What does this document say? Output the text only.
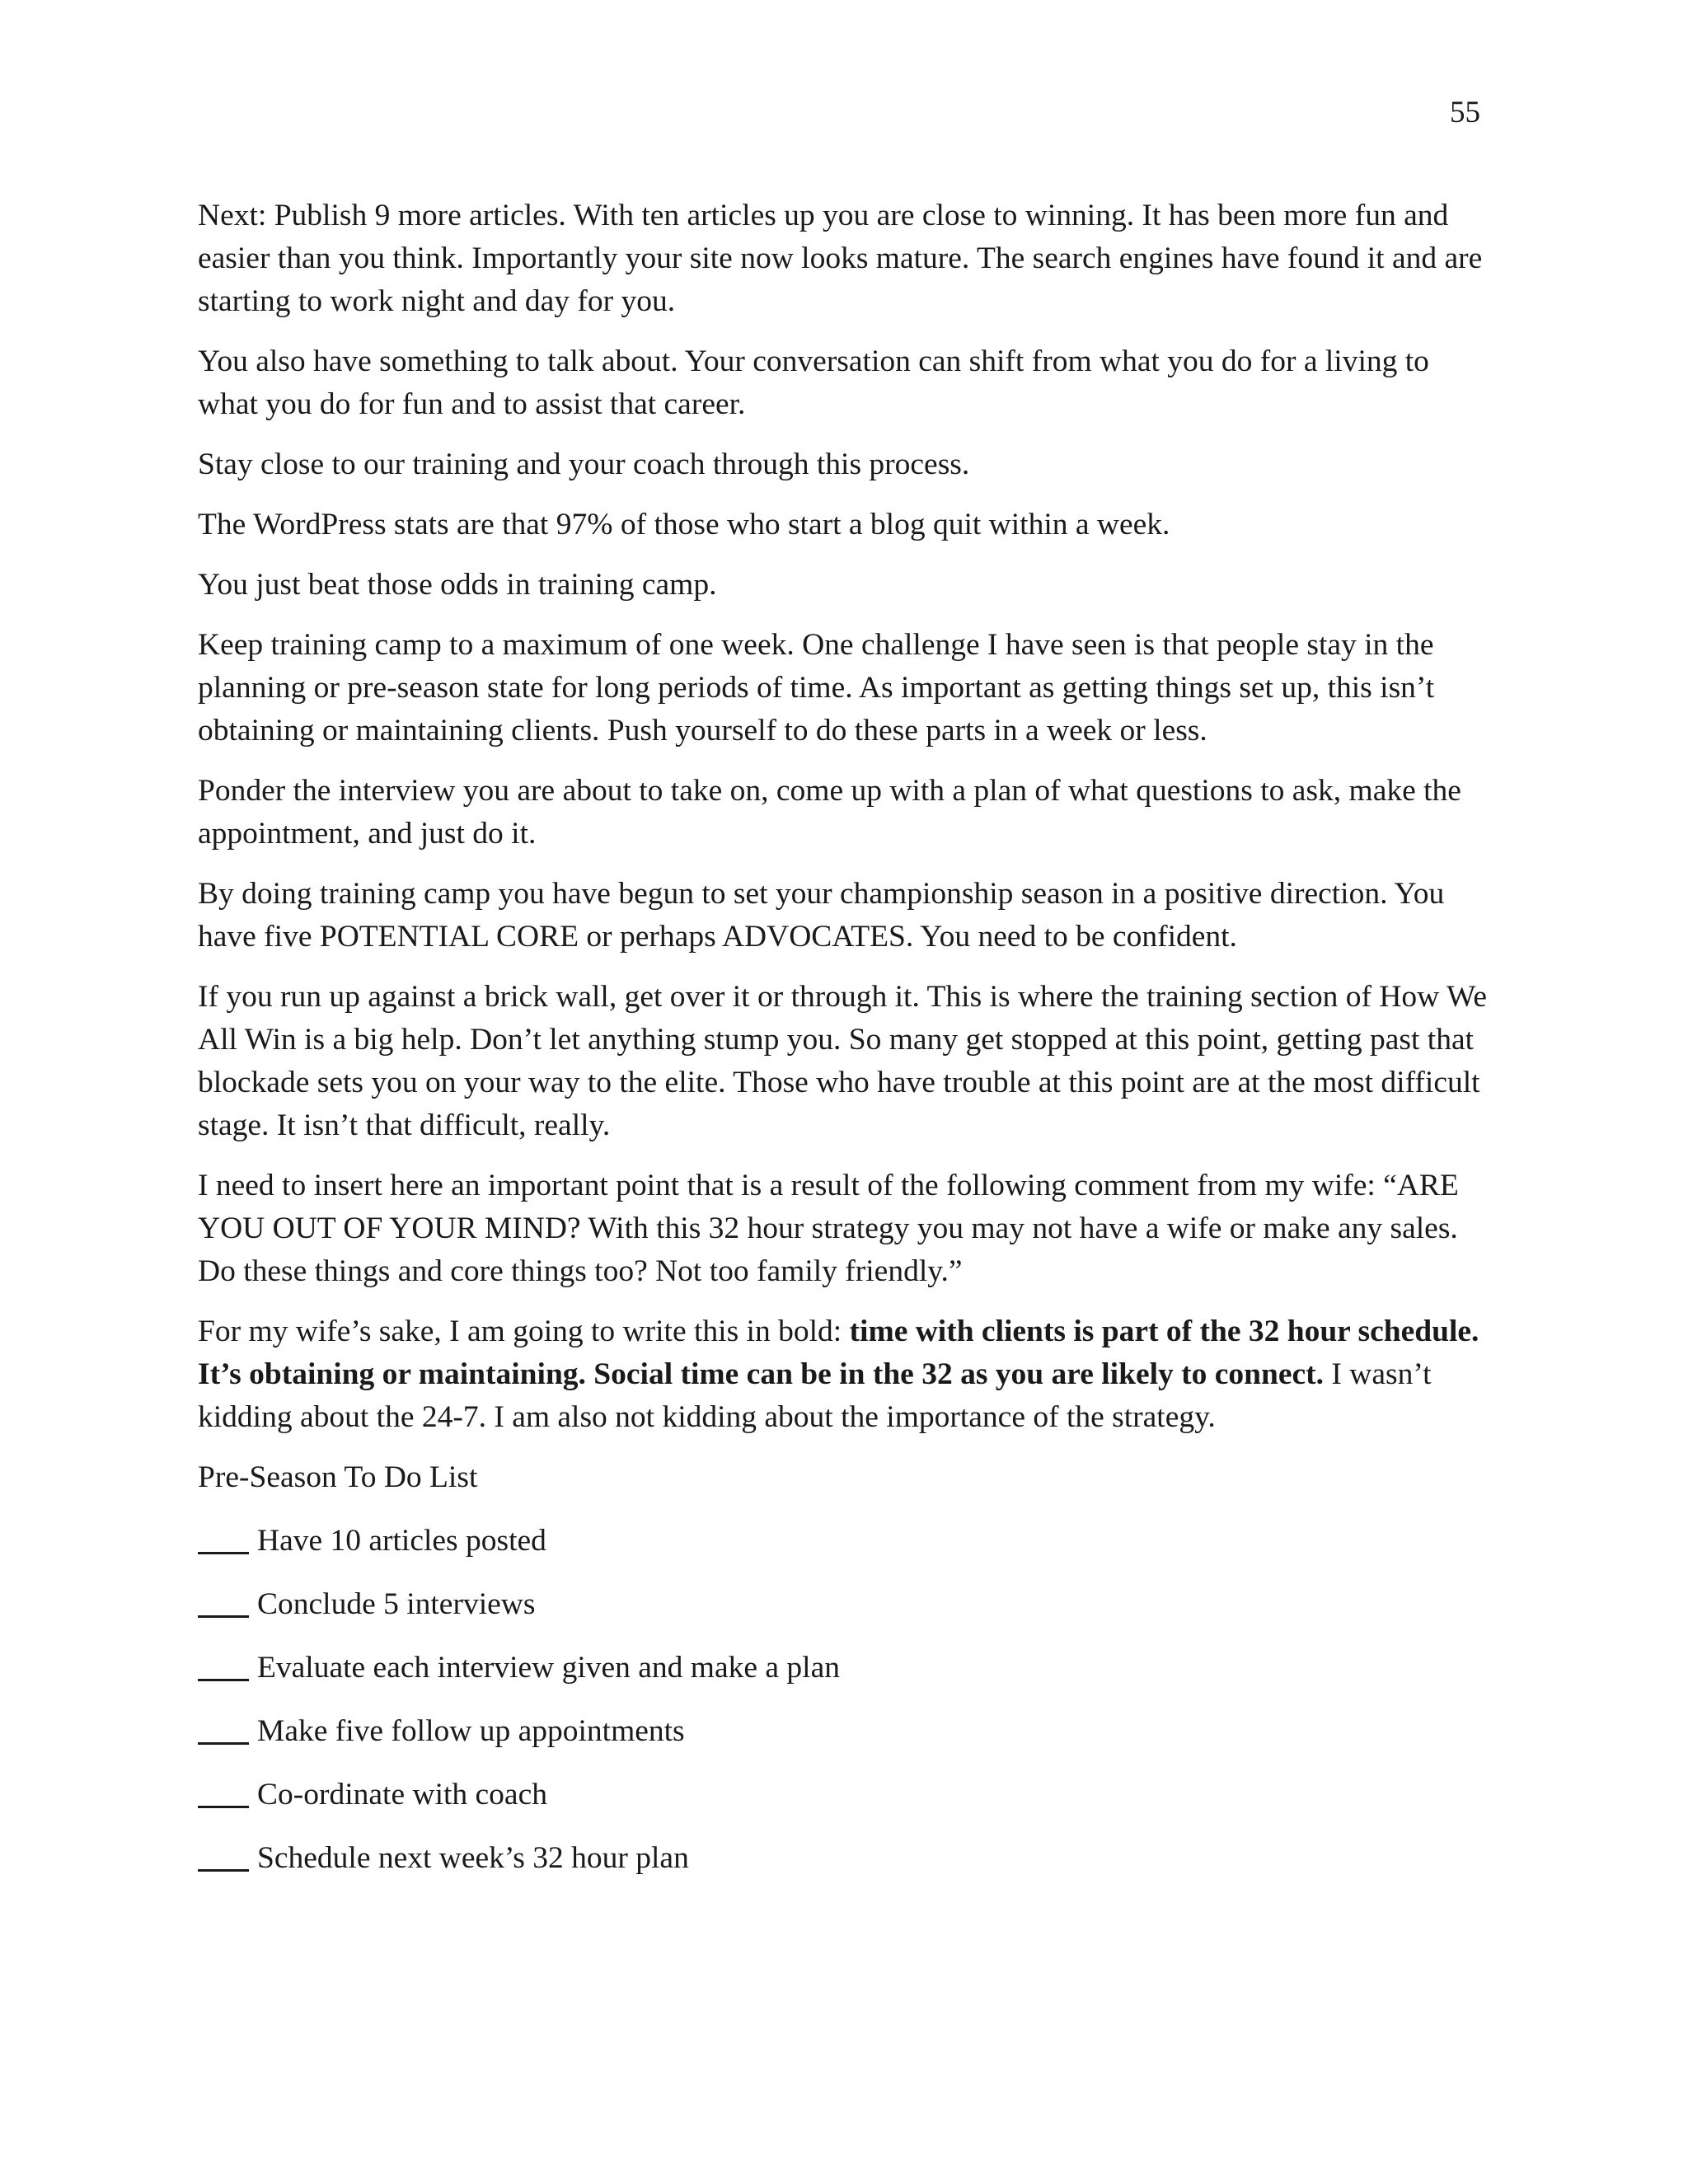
55

Next: Publish 9 more articles. With ten articles up you are close to winning. It has been more fun and easier than you think. Importantly your site now looks mature. The search engines have found it and are starting to work night and day for you.

You also have something to talk about. Your conversation can shift from what you do for a living to what you do for fun and to assist that career.

Stay close to our training and your coach through this process.

The WordPress stats are that 97% of those who start a blog quit within a week.

You just beat those odds in training camp.

Keep training camp to a maximum of one week. One challenge I have seen is that people stay in the planning or pre-season state for long periods of time. As important as getting things set up, this isn’t obtaining or maintaining clients. Push yourself to do these parts in a week or less.

Ponder the interview you are about to take on, come up with a plan of what questions to ask, make the appointment, and just do it.

By doing training camp you have begun to set your championship season in a positive direction. You have five POTENTIAL CORE or perhaps ADVOCATES. You need to be confident.

If you run up against a brick wall, get over it or through it. This is where the training section of How We All Win is a big help. Don’t let anything stump you. So many get stopped at this point, getting past that blockade sets you on your way to the elite. Those who have trouble at this point are at the most difficult stage. It isn’t that difficult, really.

I need to insert here an important point that is a result of the following comment from my wife: “ARE YOU OUT OF YOUR MIND? With this 32 hour strategy you may not have a wife or make any sales. Do these things and core things too? Not too family friendly.”

For my wife’s sake, I am going to write this in bold: time with clients is part of the 32 hour schedule. It’s obtaining or maintaining. Social time can be in the 32 as you are likely to connect. I wasn’t kidding about the 24-7. I am also not kidding about the importance of the strategy.

Pre-Season To Do List

Have 10 articles posted

Conclude 5 interviews

Evaluate each interview given and make a plan

Make five follow up appointments

Co-ordinate with coach

Schedule next week’s 32 hour plan
